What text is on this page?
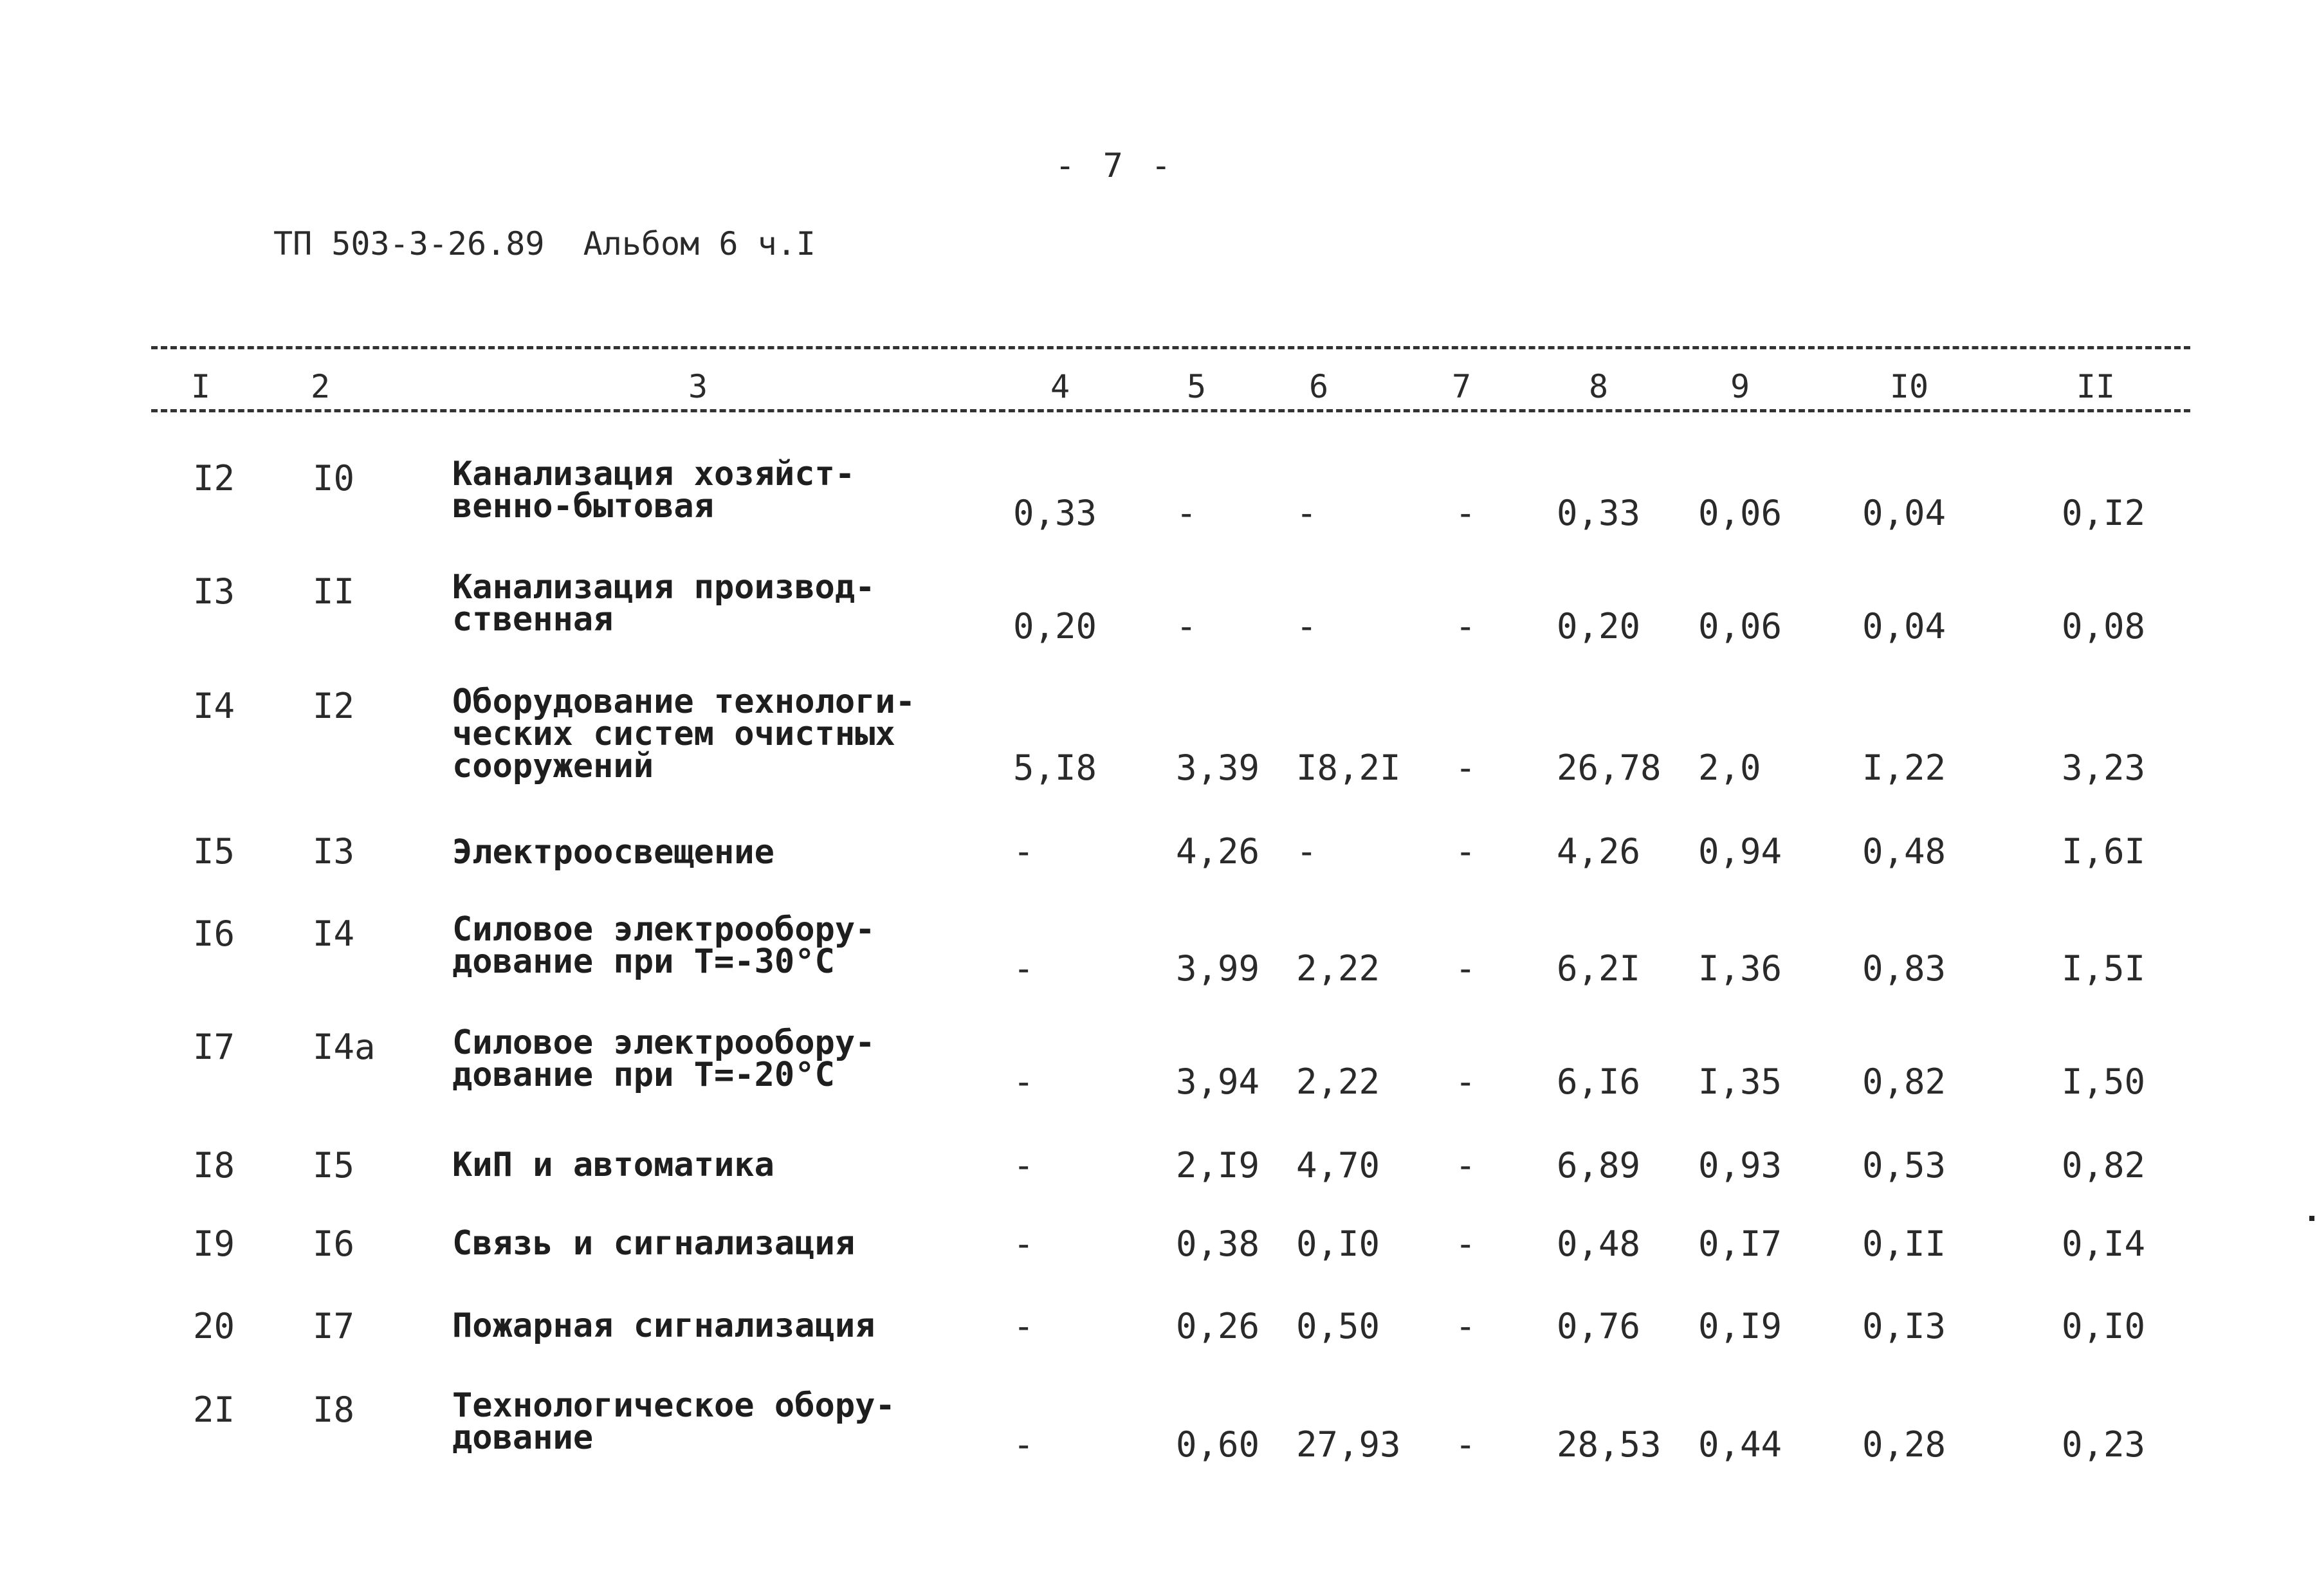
- 7 -
ТП 503-3-26.89  Альбом 6 ч.I
I	2	3	4	5	6	7	8	9	I0	II
I2 I0	Канализация хозяйст-
венно-бытовая	0,33 -	-	- 0,33 0,06 0,04	0,I2
I3 II	Канализация производ-
ственная	0,20 -	-	- 0,20 0,06 0,04	0,08
I4 I2	Оборудование технологи-
ческих систем очистных
сооружений	5,I8 3,39 I8,2I - 26,78 2,0	I,22	3,23
I5 I3	Электроосвещение	-	4,26 -	- 4,26 0,94 0,48	I,6I
I6 I4	Силовое электрообору-
дование при Т=-30°С	-	3,99 2,22 - 6,2I I,36 0,83	I,5I
I7 I4а Силовое электрообору-
дование при Т=-20°С	-	3,94 2,22 - 6,I6 I,35 0,82	I,50
I8 I5	КиП и автоматика	-	2,I9 4,70 - 6,89 0,93 0,53	0,82
I9 I6	Связь и сигнализация	-	0,38 0,I0 - 0,48 0,I7 0,II	0,I4
20 I7	Пожарная сигнализация	-	0,26 0,50 - 0,76 0,I9 0,I3	0,I0
2I I8	Технологическое обору-
дование	-	0,60 27,93 - 28,53 0,44 0,28	0,23
